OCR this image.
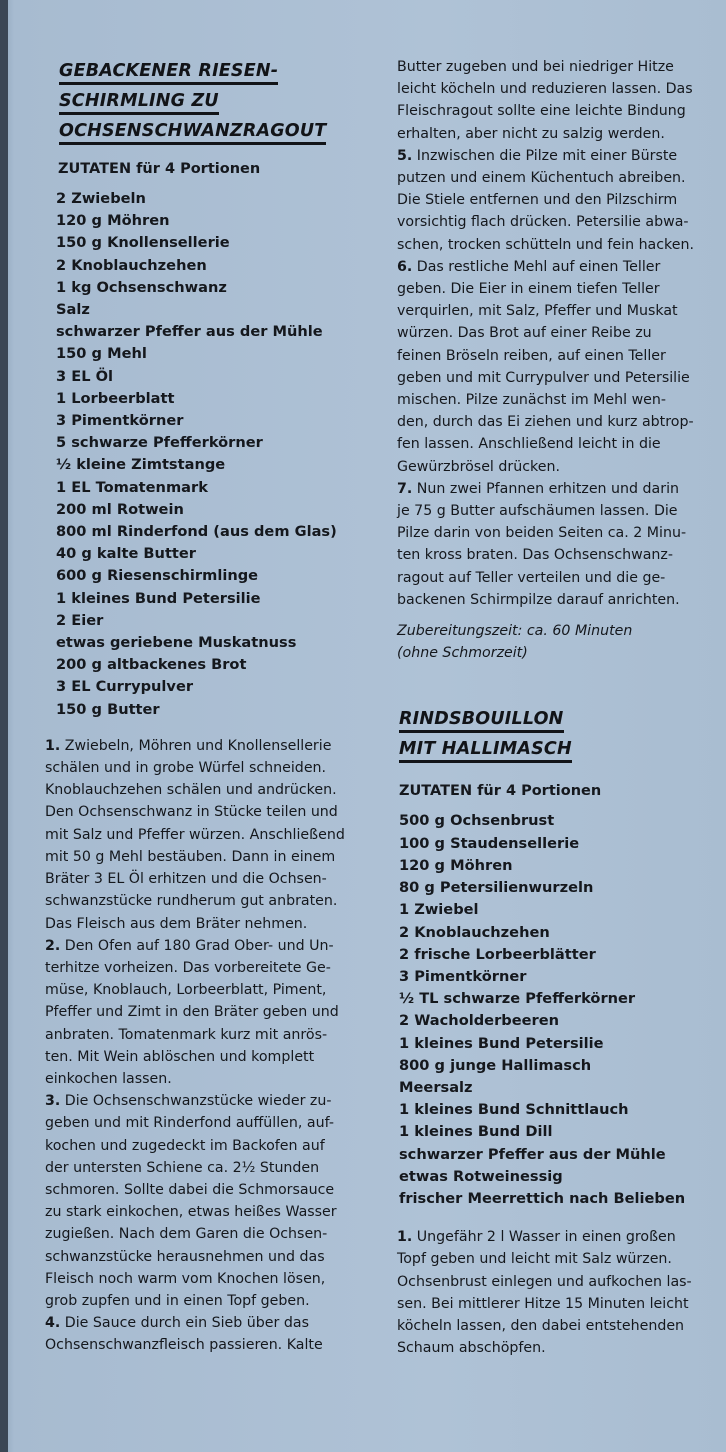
GEBACKENER RIESEN-
SCHIRMLING ZU
OCHSENSCHWANZRAGOUT
ZUTATEN für 4 Portionen
2 Zwiebeln
120 g Möhren
150 g Knollensellerie
2 Knoblauchzehen
1 kg Ochsenschwanz
Salz
schwarzer Pfeffer aus der Mühle
150 g Mehl
3 EL Öl
1 Lorbeerblatt
3 Pimentkörner
5 schwarze Pfefferkörner
½ kleine Zimtstange
1 EL Tomatenmark
200 ml Rotwein
800 ml Rinderfond (aus dem Glas)
40 g kalte Butter
600 g Riesenschirmlinge
1 kleines Bund Petersilie
2 Eier
etwas geriebene Muskatnuss
200 g altbackenes Brot
3 EL Currypulver
150 g Butter
1. Zwiebeln, Möhren und Knollensellerie
schälen und in grobe Würfel schneiden.
Knoblauchzehen schälen und andrücken.
Den Ochsenschwanz in Stücke teilen und
mit Salz und Pfeffer würzen. Anschließend
mit 50 g Mehl bestäuben. Dann in einem
Bräter 3 EL Öl erhitzen und die Ochsen-
schwanzstücke rundherum gut anbraten.
Das Fleisch aus dem Bräter nehmen.
2. Den Ofen auf 180 Grad Ober- und Un-
terhitze vorheizen. Das vorbereitete Ge-
müse, Knoblauch, Lorbeerblatt, Piment,
Pfeffer und Zimt in den Bräter geben und
anbraten. Tomatenmark kurz mit anrös-
ten. Mit Wein ablöschen und komplett
einkochen lassen.
3. Die Ochsenschwanzstücke wieder zu-
geben und mit Rinderfond auffüllen, auf-
kochen und zugedeckt im Backofen auf
der untersten Schiene ca. 2½ Stunden
schmoren. Sollte dabei die Schmorsauce
zu stark einkochen, etwas heißes Wasser
zugießen. Nach dem Garen die Ochsen-
schwanzstücke herausnehmen und das
Fleisch noch warm vom Knochen lösen,
grob zupfen und in einen Topf geben.
4. Die Sauce durch ein Sieb über das
Ochsenschwanzfleisch passieren. Kalte
Butter zugeben und bei niedriger Hitze
leicht köcheln und reduzieren lassen. Das
Fleischragout sollte eine leichte Bindung
erhalten, aber nicht zu salzig werden.
5. Inzwischen die Pilze mit einer Bürste
putzen und einem Küchentuch abreiben.
Die Stiele entfernen und den Pilzschirm
vorsichtig flach drücken. Petersilie abwa-
schen, trocken schütteln und fein hacken.
6. Das restliche Mehl auf einen Teller
geben. Die Eier in einem tiefen Teller
verquirlen, mit Salz, Pfeffer und Muskat
würzen. Das Brot auf einer Reibe zu
feinen Bröseln reiben, auf einen Teller
geben und mit Currypulver und Petersilie
mischen. Pilze zunächst im Mehl wen-
den, durch das Ei ziehen und kurz abtrop-
fen lassen. Anschließend leicht in die
Gewürzbrösel drücken.
7. Nun zwei Pfannen erhitzen und darin
je 75 g Butter aufschäumen lassen. Die
Pilze darin von beiden Seiten ca. 2 Minu-
ten kross braten. Das Ochsenschwanz-
ragout auf Teller verteilen und die ge-
backenen Schirmpilze darauf anrichten.
Zubereitungszeit: ca. 60 Minuten
(ohne Schmorzeit)
RINDSBOUILLON
MIT HALLIMASCH
ZUTATEN für 4 Portionen
500 g Ochsenbrust
100 g Staudensellerie
120 g Möhren
80 g Petersilienwurzeln
1 Zwiebel
2 Knoblauchzehen
2 frische Lorbeerblätter
3 Pimentkörner
½ TL schwarze Pfefferkörner
2 Wacholderbeeren
1 kleines Bund Petersilie
800 g junge Hallimasch
Meersalz
1 kleines Bund Schnittlauch
1 kleines Bund Dill
schwarzer Pfeffer aus der Mühle
etwas Rotweinessig
frischer Meerrettich nach Belieben
1. Ungefähr 2 l Wasser in einen großen
Topf geben und leicht mit Salz würzen.
Ochsenbrust einlegen und aufkochen las-
sen. Bei mittlerer Hitze 15 Minuten leicht
köcheln lassen, den dabei entstehenden
Schaum abschöpfen.
